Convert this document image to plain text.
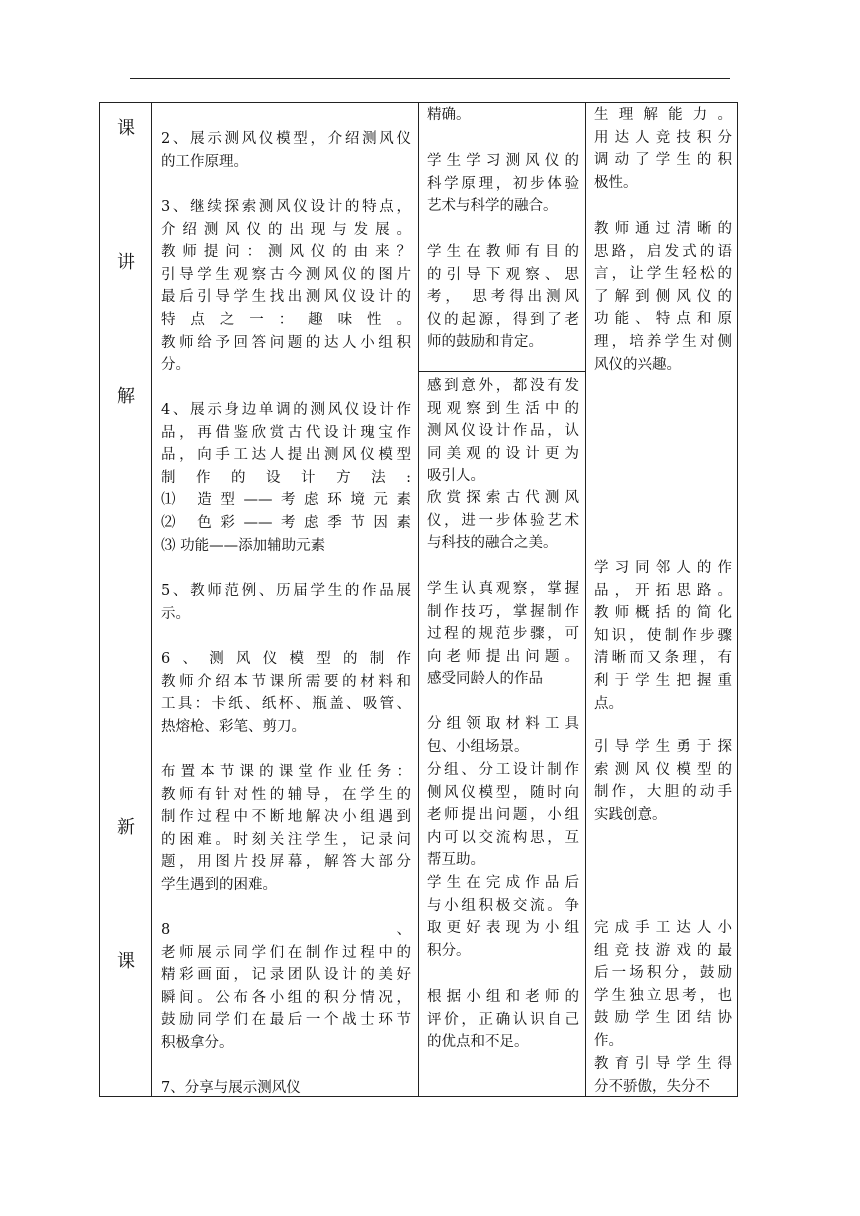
课
讲
解
新
课
2、展示测风仪模型，介绍测风仪
的工作原理。
3、继续探索测风仪设计的特点，
介绍测风仪的出现与发展。
教师提问：测风仪的由来？
引导学生观察古今测风仪的图片
最后引导学生找出测风仪设计的
特点之一：趣味性。
教师给予回答问题的达人小组积
分。
4、展示身边单调的测风仪设计作
品，再借鉴欣赏古代设计瑰宝作
品，向手工达人提出测风仪模型
制作的设计方法:
⑴ 造型——考虑环境元素
⑵ 色彩——考虑季节因素
⑶ 功能——添加辅助元素
5、教师范例、历届学生的作品展
示。
6、测风仪模型的制作
教师介绍本节课所需要的材料和
工具：卡纸、纸杯、瓶盖、吸管、
热熔枪、彩笔、剪刀。
布置本节课的课堂作业任务：
教师有针对性的辅导，在学生的
制作过程中不断地解决小组遇到
的困难。时刻关注学生，记录问
题，用图片投屏幕，解答大部分
学生遇到的困难。
8、
老师展示同学们在制作过程中的
精彩画面，记录团队设计的美好
瞬间。公布各小组的积分情况，
鼓励同学们在最后一个战士环节
积极拿分。
7、分享与展示测风仪
精确。
学生学习测风仪的
科学原理，初步体验
艺术与科学的融合。
学生在教师有目的
的引导下观察、思
考， 思考得出测风
仪的起源，得到了老
师的鼓励和肯定。
感到意外，都没有发
现观察到生活中的
测风仪设计作品，认
同美观的设计更为
吸引人。
欣赏探索古代测风
仪，进一步体验艺术
与科技的融合之美。
学生认真观察，掌握
制作技巧，掌握制作
过程的规范步骤，可
向老师提出问题。
感受同龄人的作品
分组领取材料工具
包、小组场景。
分组、分工设计制作
侧风仪模型，随时向
老师提出问题，小组
内可以交流构思，互
帮互助。
学生在完成作品后
与小组积极交流。争
取更好表现为小组
积分。
根据小组和老师的
评价，正确认识自己
的优点和不足。
生理解能力。
用达人竞技积分
调动了学生的积
极性。
教师通过清晰的
思路，启发式的语
言，让学生轻松的
了解到侧风仪的
功能、特点和原
理，培养学生对侧
风仪的兴趣。
学习同邻人的作
品，开拓思路。
教师概括的简化
知识，使制作步骤
清晰而又条理，有
利于学生把握重
点。
引导学生勇于探
索测风仪模型的
制作，大胆的动手
实践创意。
完成手工达人小
组竞技游戏的最
后一场积分，鼓励
学生独立思考，也
鼓励学生团结协
作。
教育引导学生得
分不骄傲，失分不
